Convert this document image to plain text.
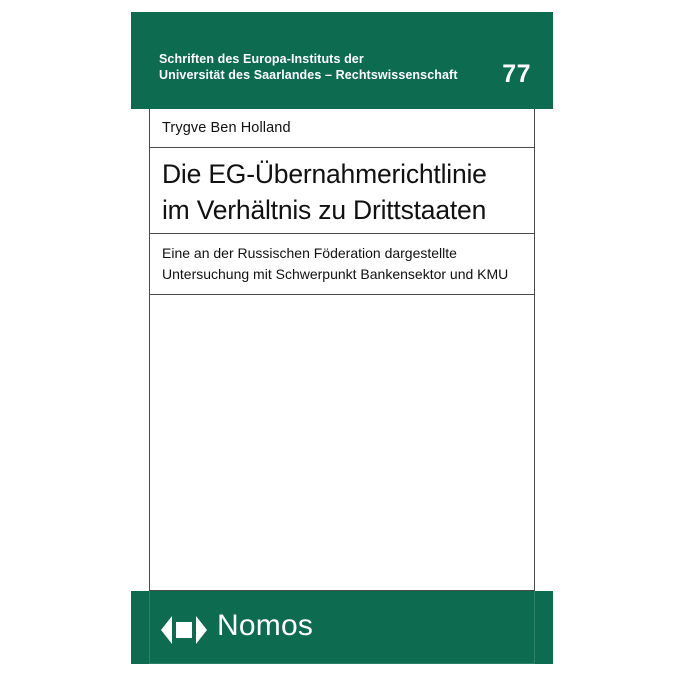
Schriften des Europa-Instituts der
Universität des Saarlandes – Rechtswissenschaft 77
Trygve Ben Holland
Die EG-Übernahmerichtlinie
im Verhältnis zu Drittstaaten
Eine an der Russischen Föderation dargestellte
Untersuchung mit Schwerpunkt Bankensektor und KMU
Nomos
